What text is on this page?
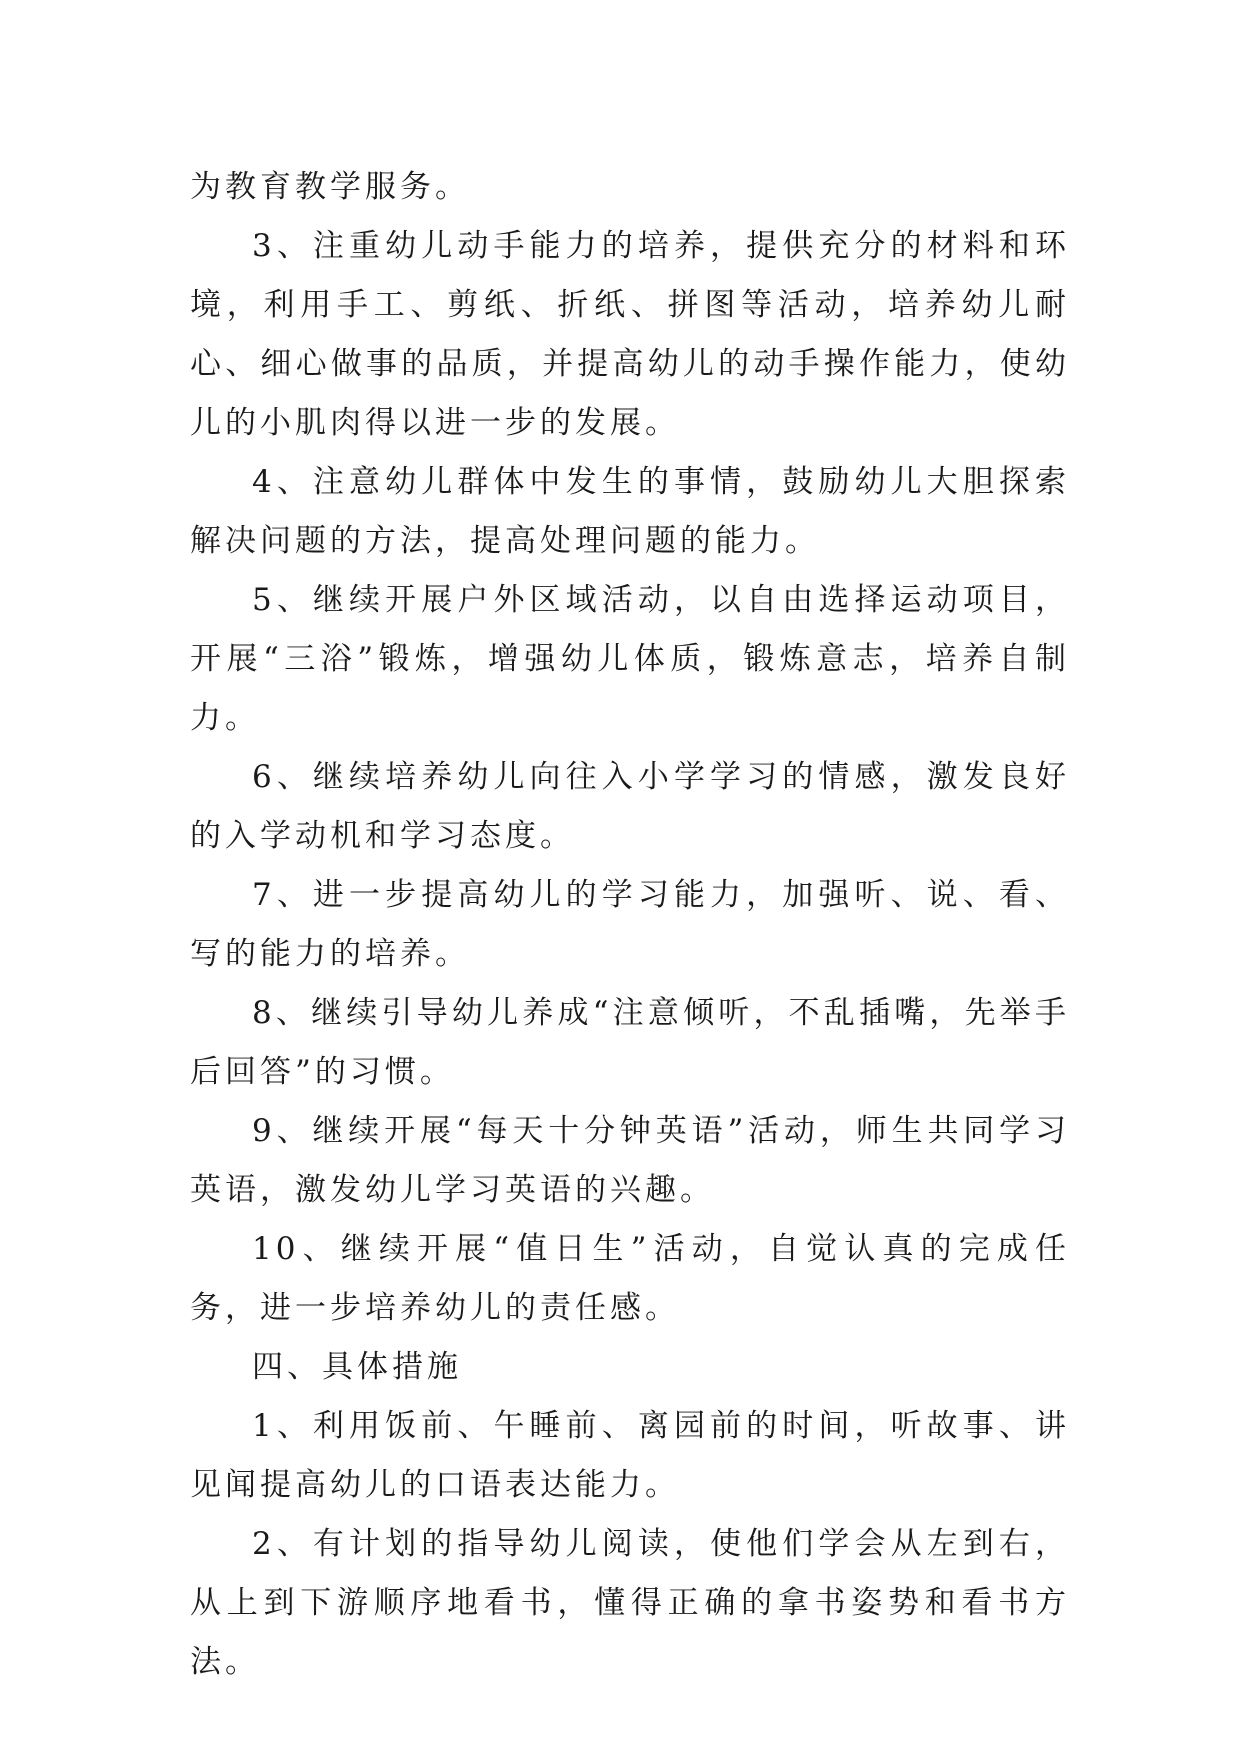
为教育教学服务。

3、注重幼儿动手能力的培养，提供充分的材料和环境，利用手工、剪纸、折纸、拼图等活动，培养幼儿耐心、细心做事的品质，并提高幼儿的动手操作能力，使幼儿的小肌肉得以进一步的发展。

4、注意幼儿群体中发生的事情，鼓励幼儿大胆探索解决问题的方法，提高处理问题的能力。

5、继续开展户外区域活动，以自由选择运动项目，开展“三浴”锻炼，增强幼儿体质，锻炼意志，培养自制力。

6、继续培养幼儿向往入小学学习的情感，激发良好的入学动机和学习态度。

7、进一步提高幼儿的学习能力，加强听、说、看、写的能力的培养。

8、继续引导幼儿养成“注意倾听，不乱插嘴，先举手后回答”的习惯。

9、继续开展“每天十分钟英语”活动，师生共同学习英语，激发幼儿学习英语的兴趣。

10、继续开展“值日生”活动，自觉认真的完成任务，进一步培养幼儿的责任感。

四、具体措施

1、利用饭前、午睡前、离园前的时间，听故事、讲见闻提高幼儿的口语表达能力。

2、有计划的指导幼儿阅读，使他们学会从左到右，从上到下游顺序地看书，懂得正确的拿书姿势和看书方法。
